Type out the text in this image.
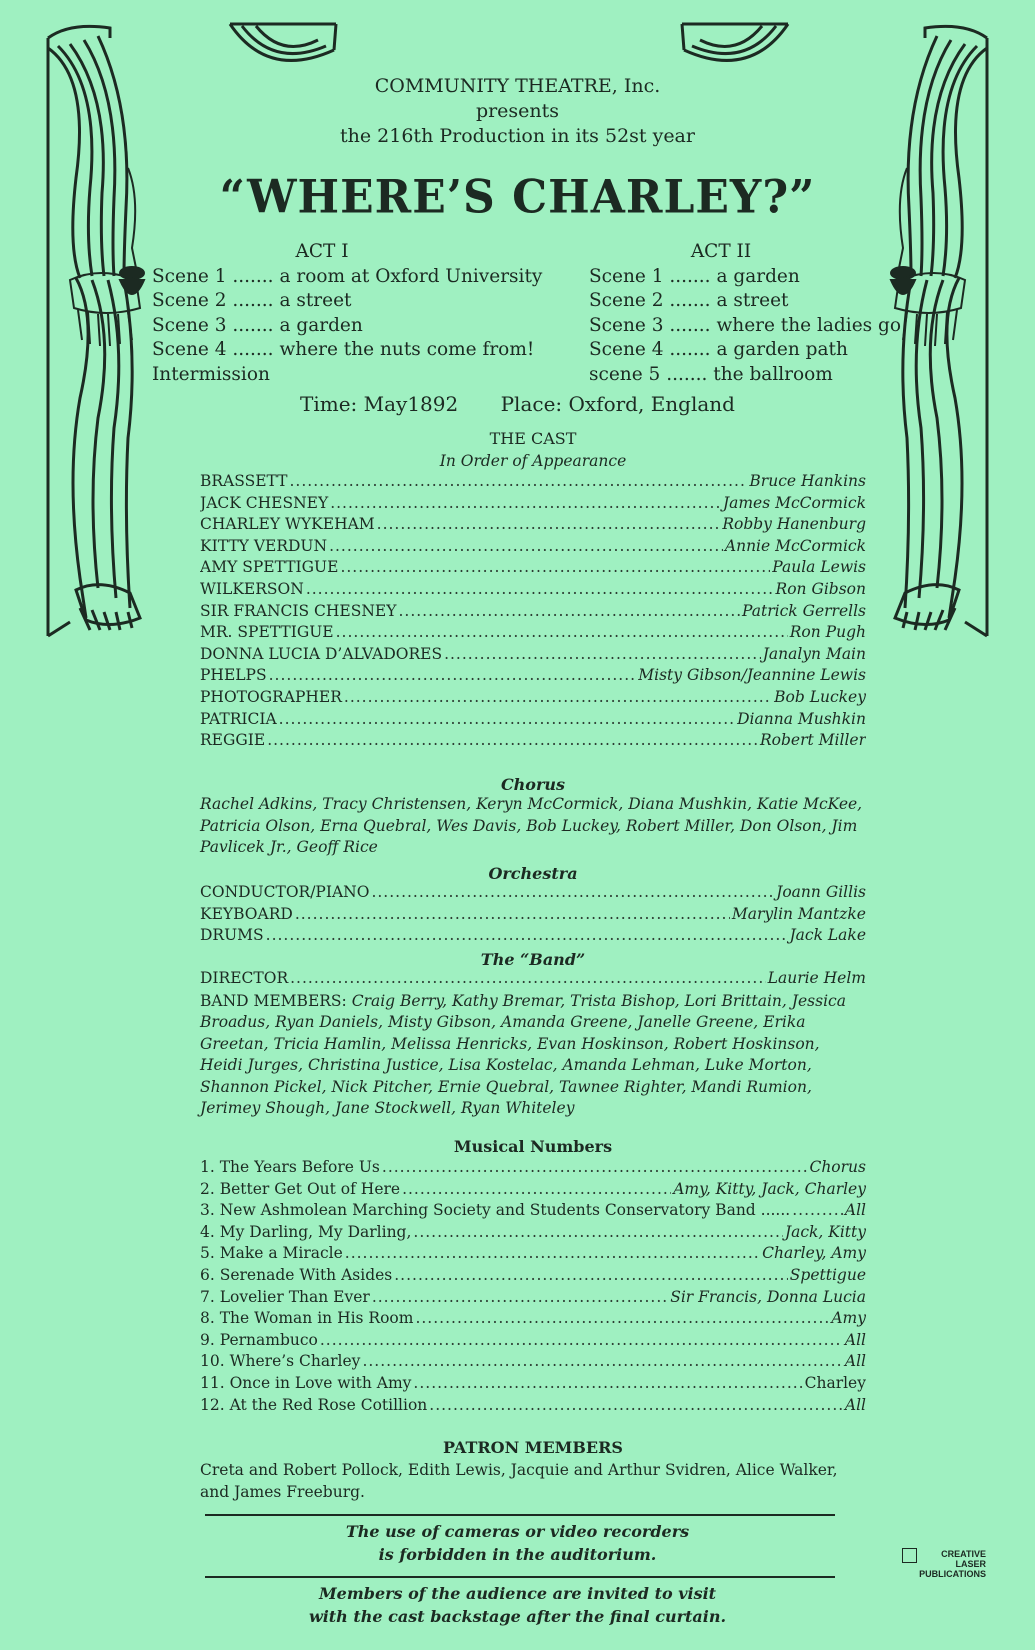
COMMUNITY THEATRE, Inc.
presents
the 216th Production in its 52st year
“WHERE’S CHARLEY?”
ACT I
Scene 1 ....... a room at Oxford University
Scene 2 ....... a street
Scene 3 ....... a garden
Scene 4 ....... where the nuts come from!
Intermission
ACT II
Scene 1 ....... a garden
Scene 2 ....... a street
Scene 3 ....... where the ladies go
Scene 4 ....... a garden path
scene 5 ....... the ballroom
Time: May1892 Place: Oxford, England
THE CAST
In Order of Appearance
BRASSETT .....	Bruce Hankins
JACK CHESNEY .....	James McCormick
CHARLEY WYKEHAM .....	Robby Hanenburg
KITTY VERDUN .....	Annie McCormick
AMY SPETTIGUE .....	Paula Lewis
WILKERSON .....	Ron Gibson
SIR FRANCIS CHESNEY .....	Patrick Gerrells
MR. SPETTIGUE .....	Ron Pugh
DONNA LUCIA D’ALVADORES .....	Janalyn Main
PHELPS .....	Misty Gibson/Jeannine Lewis
PHOTOGRAPHER .....	Bob Luckey
PATRICIA .....	Dianna Mushkin
REGGIE .....	Robert Miller
Chorus
Rachel Adkins, Tracy Christensen, Keryn McCormick, Diana Mushkin, Katie McKee, Patricia Olson, Erna Quebral, Wes Davis, Bob Luckey, Robert Miller, Don Olson, Jim Pavlicek Jr., Geoff Rice
Orchestra
CONDUCTOR/PIANO .....	Joann Gillis
KEYBOARD .....	Marylin Mantzke
DRUMS .....	Jack Lake
The “Band”
DIRECTOR .....	Laurie Helm
BAND MEMBERS: Craig Berry, Kathy Bremar, Trista Bishop, Lori Brittain, Jessica Broadus, Ryan Daniels, Misty Gibson, Amanda Greene, Janelle Greene, Erika Greetan, Tricia Hamlin, Melissa Henricks, Evan Hoskinson, Robert Hoskinson, Heidi Jurges, Christina Justice, Lisa Kostelac, Amanda Lehman, Luke Morton, Shannon Pickel, Nick Pitcher, Ernie Quebral, Tawnee Righter, Mandi Rumion, Jerimey Shough, Jane Stockwell, Ryan Whiteley
Musical Numbers
1. The Years Before Us .....	Chorus
2. Better Get Out of Here .....	Amy, Kitty, Jack, Charley
3. New Ashmolean Marching Society and Students Conservatory Band ...... .....	All
4. My Darling, My Darling, .....	Jack, Kitty
5. Make a Miracle .....	Charley, Amy
6. Serenade With Asides .....	Spettigue
7. Lovelier Than Ever .....	Sir Francis, Donna Lucia
8. The Woman in His Room .....	Amy
9. Pernambuco .....	All
10. Where’s Charley .....	All
11. Once in Love with Amy .....	Charley
12. At the Red Rose Cotillion .....	All
PATRON MEMBERS
Creta and Robert Pollock, Edith Lewis, Jacquie and Arthur Svidren, Alice Walker, and James Freeburg.
The use of cameras or video recorders
is forbidden in the auditorium.
Members of the audience are invited to visit
with the cast backstage after the final curtain.
CREATIVE
LASER
PUBLICATIONS
